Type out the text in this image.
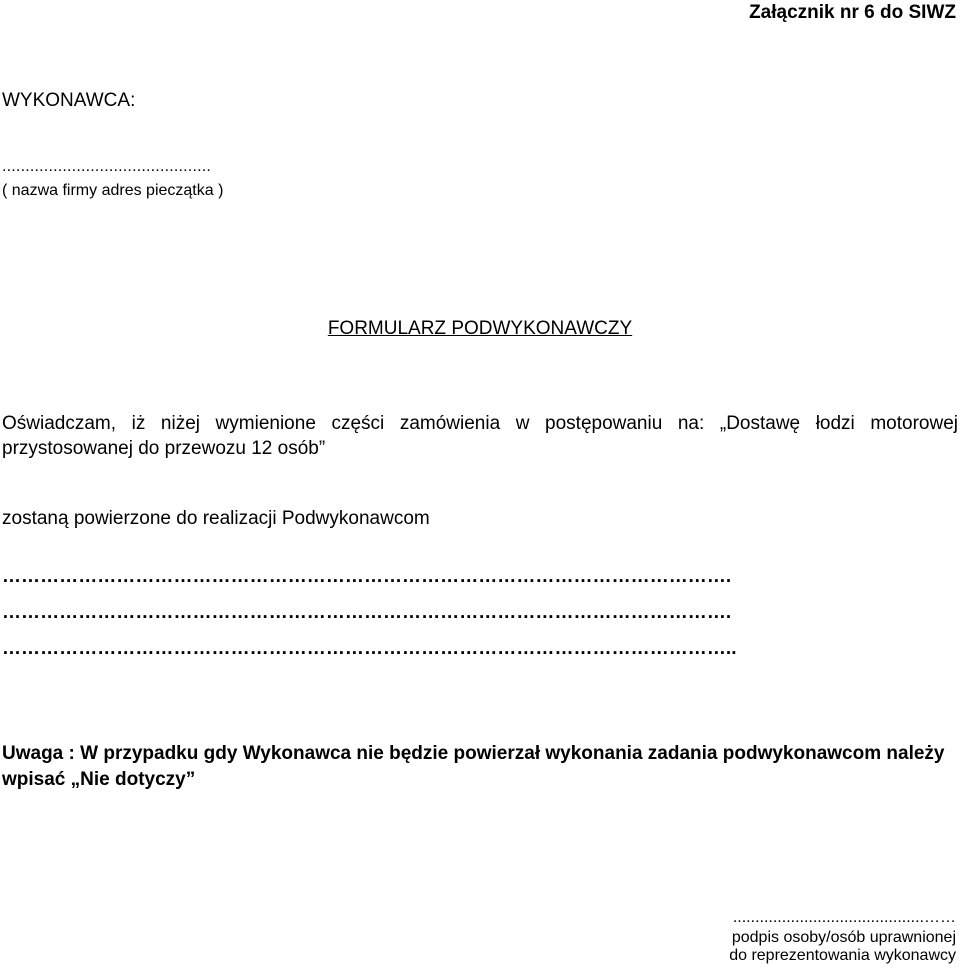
Załącznik nr 6 do SIWZ
WYKONAWCA:
.............................................
( nazwa firmy adres pieczątka )
FORMULARZ PODWYKONAWCZY
Oświadczam, iż niżej wymienione części zamówienia w postępowaniu na: „Dostawę łodzi motorowej przystosowanej do przewozu 12 osób”
zostaną powierzone do realizacji Podwykonawcom
…………………………………………………………………………………………………….
…………………………………………………………………………………………………….
……………………………………………………………………………………………………..
Uwaga : W przypadku gdy Wykonawca nie będzie powierzał wykonania zadania podwykonawcom należy wpisać „Nie dotyczy”
...........................................……
podpis osoby/osób uprawnionej
do reprezentowania wykonawcy
